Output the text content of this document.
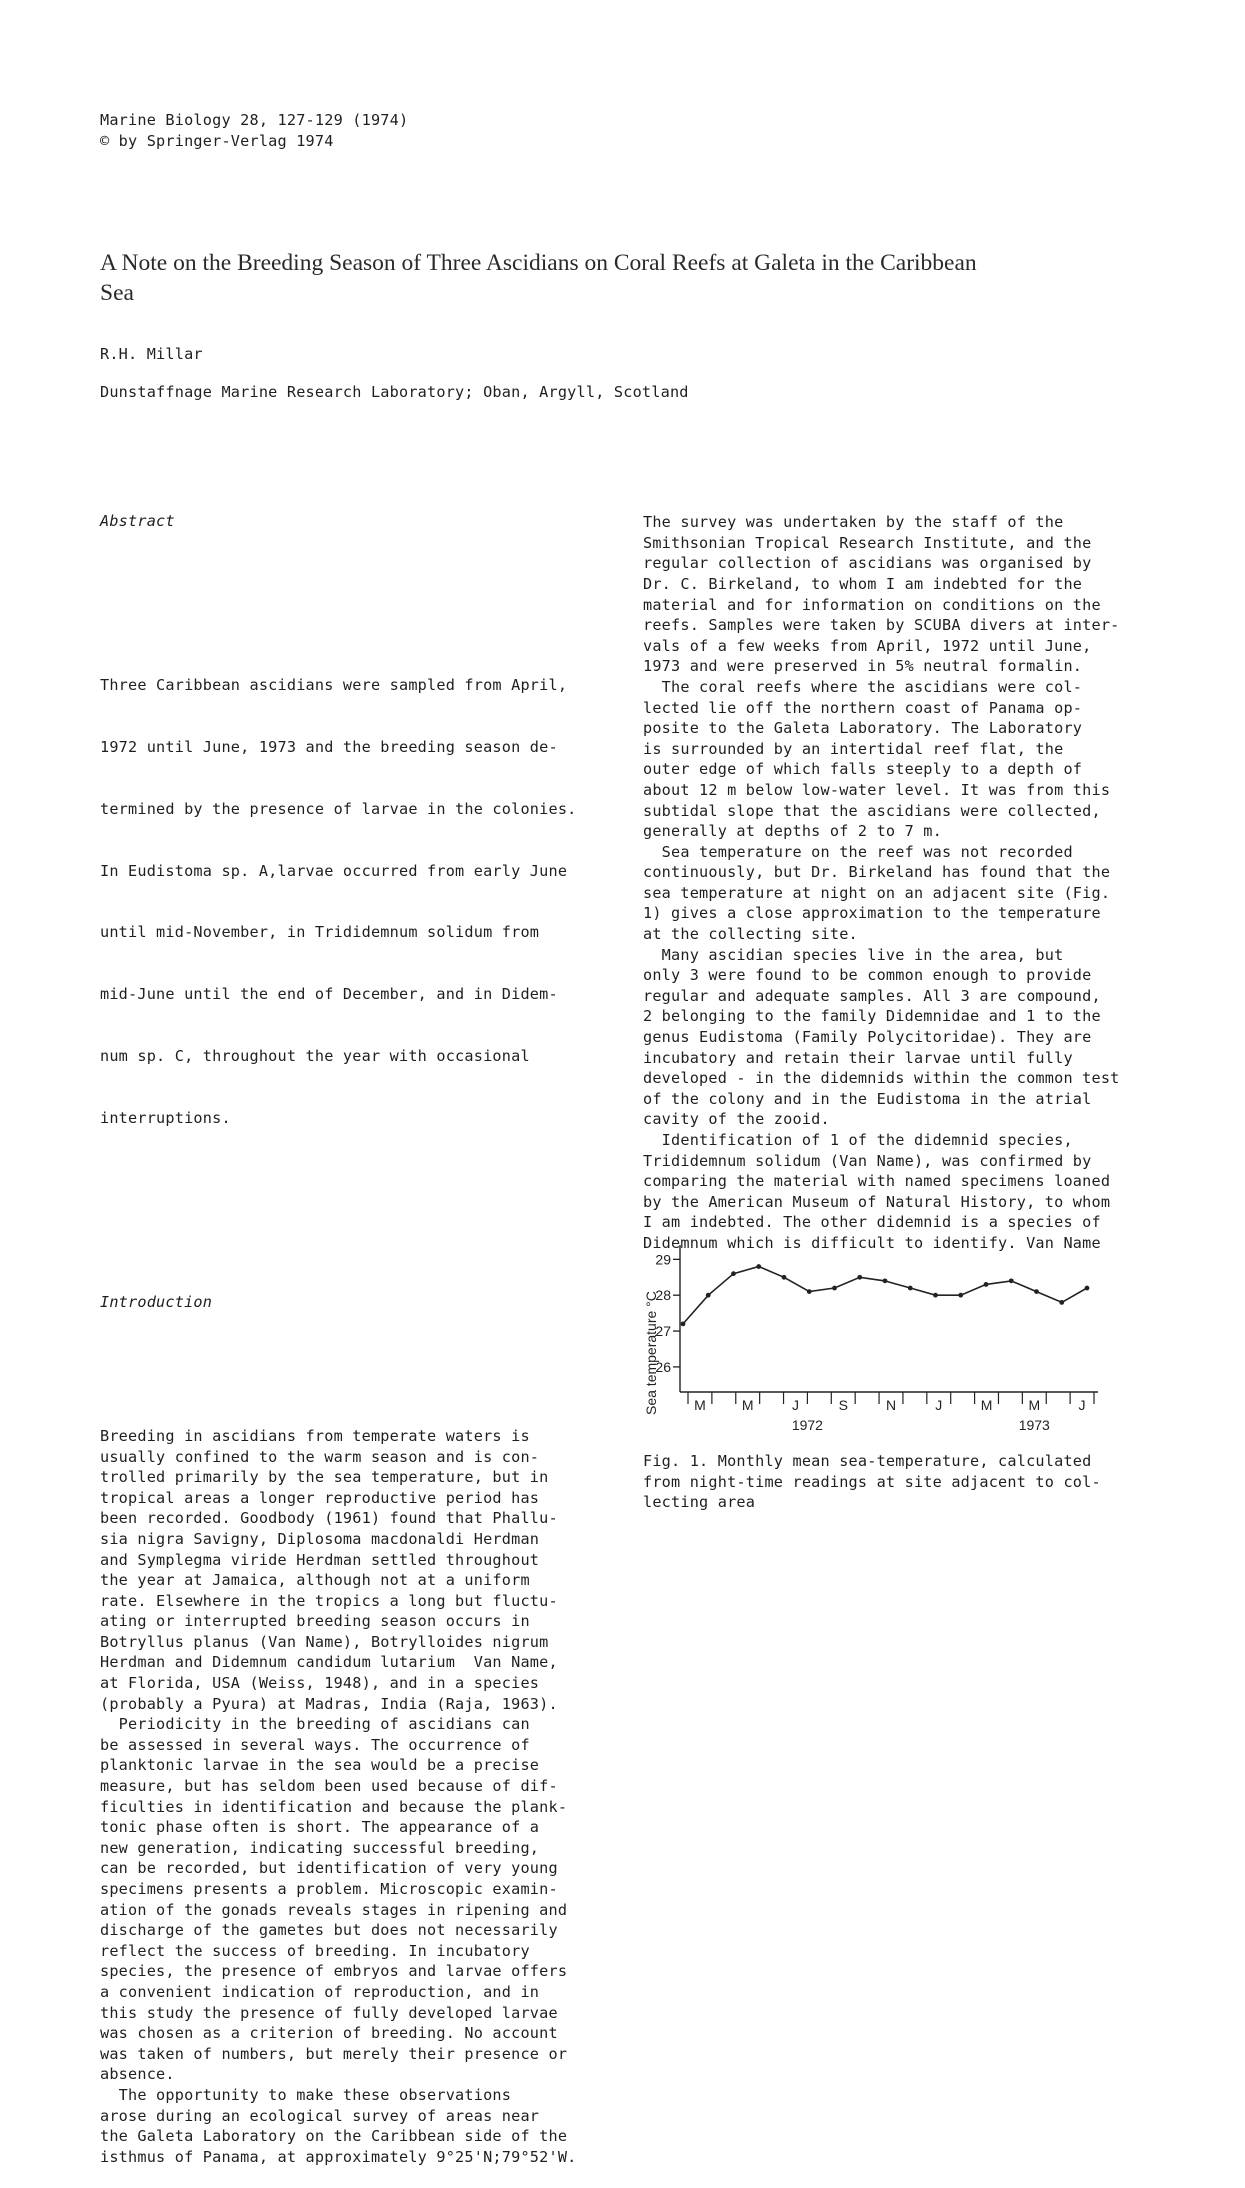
Marine Biology 28, 127-129 (1974)
© by Springer-Verlag 1974
A Note on the Breeding Season of Three Ascidians on Coral Reefs at Galeta in the Caribbean Sea
R.H. Millar
Dunstaffnage Marine Research Laboratory; Oban, Argyll, Scotland

Abstract

Three Caribbean ascidians were sampled from April,

1972 until June, 1973 and the breeding season de-

termined by the presence of larvae in the colonies.

In Eudistoma sp. A,larvae occurred from early June

until mid-November, in Trididemnum solidum from

mid-June until the end of December, and in Didem-

num sp. C, throughout the year with occasional

interruptions.

Introduction

Breeding in ascidians from temperate waters is
usually confined to the warm season and is con-
trolled primarily by the sea temperature, but in
tropical areas a longer reproductive period has
been recorded. Goodbody (1961) found that Phallu-
sia nigra Savigny, Diplosoma macdonaldi Herdman
and Symplegma viride Herdman settled throughout
the year at Jamaica, although not at a uniform
rate. Elsewhere in the tropics a long but fluctu-
ating or interrupted breeding season occurs in
Botryllus planus (Van Name), Botrylloides nigrum
Herdman and Didemnum candidum lutarium  Van Name,
at Florida, USA (Weiss, 1948), and in a species
(probably a Pyura) at Madras, India (Raja, 1963).
Periodicity in the breeding of ascidians can
be assessed in several ways. The occurrence of
planktonic larvae in the sea would be a precise
measure, but has seldom been used because of dif-
ficulties in identification and because the plank-
tonic phase often is short. The appearance of a
new generation, indicating successful breeding,
can be recorded, but identification of very young
specimens presents a problem. Microscopic examin-
ation of the gonads reveals stages in ripening and
discharge of the gametes but does not necessarily
reflect the success of breeding. In incubatory
species, the presence of embryos and larvae offers
a convenient indication of reproduction, and in
this study the presence of fully developed larvae
was chosen as a criterion of breeding. No account
was taken of numbers, but merely their presence or
absence.
The opportunity to make these observations
arose during an ecological survey of areas near
the Galeta Laboratory on the Caribbean side of the
isthmus of Panama, at approximately 9°25'N;79°52'W.

The survey was undertaken by the staff of the
Smithsonian Tropical Research Institute, and the
regular collection of ascidians was organised by
Dr. C. Birkeland, to whom I am indebted for the
material and for information on conditions on the
reefs. Samples were taken by SCUBA divers at inter-
vals of a few weeks from April, 1972 until June,
1973 and were preserved in 5% neutral formalin.
The coral reefs where the ascidians were col-
lected lie off the northern coast of Panama op-
posite to the Galeta Laboratory. The Laboratory
is surrounded by an intertidal reef flat, the
outer edge of which falls steeply to a depth of
about 12 m below low-water level. It was from this
subtidal slope that the ascidians were collected,
generally at depths of 2 to 7 m.
Sea temperature on the reef was not recorded
continuously, but Dr. Birkeland has found that the
sea temperature at night on an adjacent site (Fig.
1) gives a close approximation to the temperature
at the collecting site.
Many ascidian species live in the area, but
only 3 were found to be common enough to provide
regular and adequate samples. All 3 are compound,
2 belonging to the family Didemnidae and 1 to the
genus Eudistoma (Family Polycitoridae). They are
incubatory and retain their larvae until fully
developed - in the didemnids within the common test
of the colony and in the Eudistoma in the atrial
cavity of the zooid.
Identification of 1 of the didemnid species,
Trididemnum solidum (Van Name), was confirmed by
comparing the material with named specimens loaned
by the American Museum of Natural History, to whom
I am indebted. The other didemnid is a species of
Didemnum which is difficult to identify. Van Name

Sea temperature °C
26
27
28
29
M	M	J	S	N	J	M	M	J
1972	1973
Fig. 1. Monthly mean sea-temperature, calculated
from night-time readings at site adjacent to col-
lecting area
